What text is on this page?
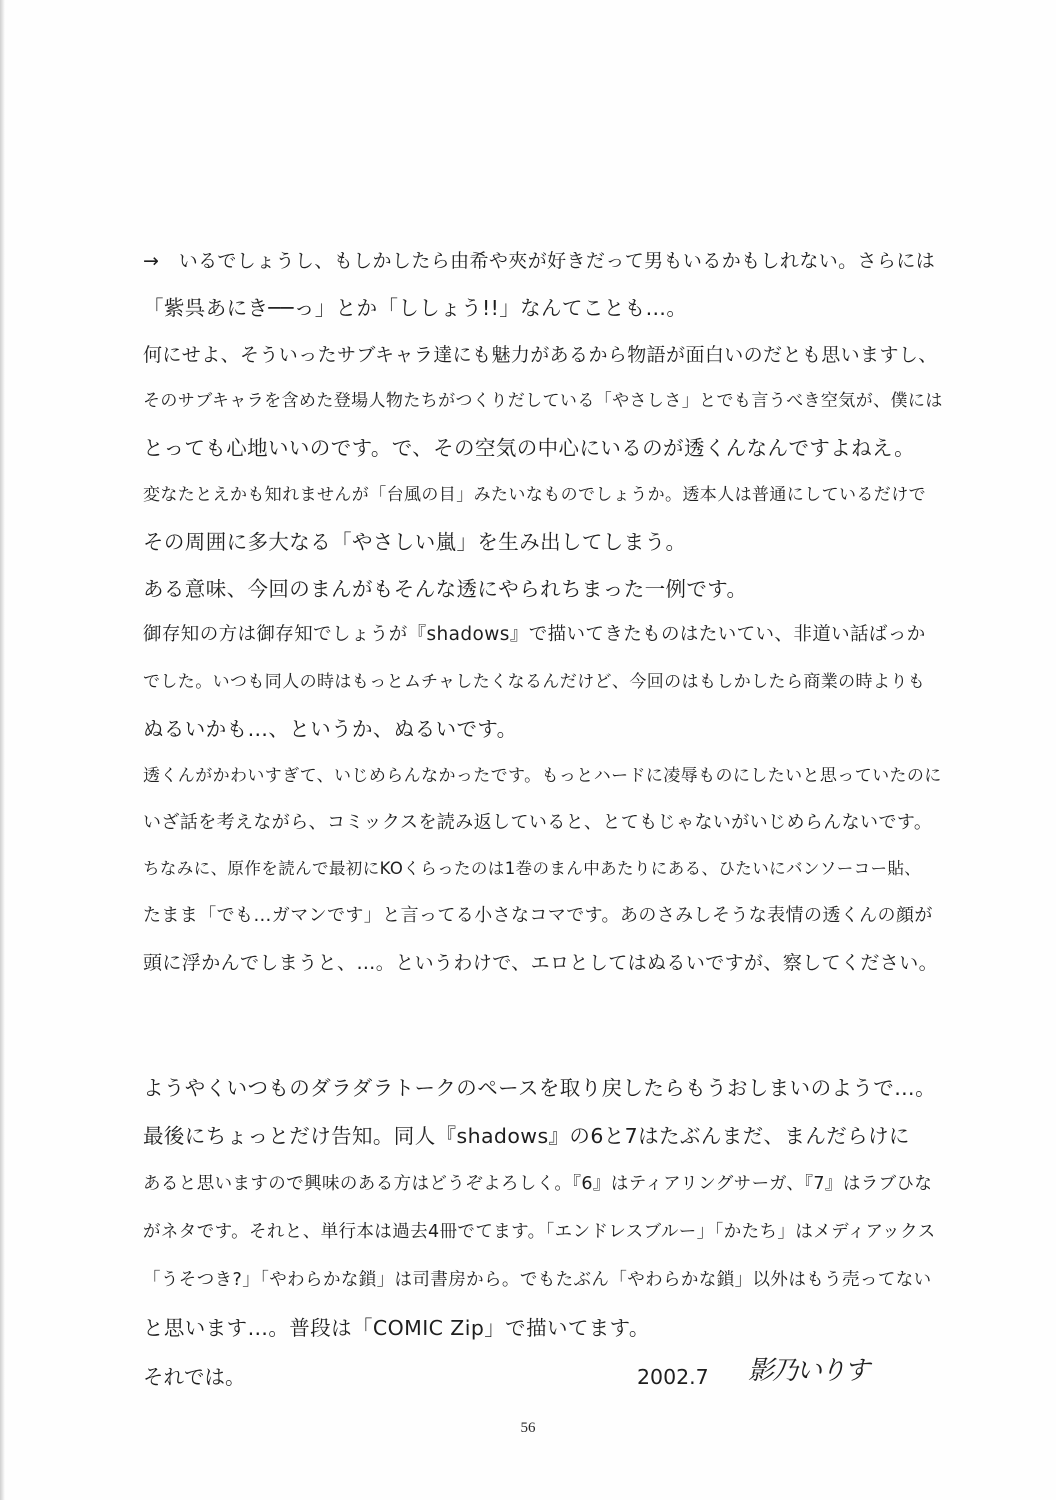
→　いるでしょうし、もしかしたら由希や夾が好きだって男もいるかもしれない。さらには
「紫呉あにき──っ」とか「ししょう!!」なんてことも…。
何にせよ、そういったサブキャラ達にも魅力があるから物語が面白いのだとも思いますし、
そのサブキャラを含めた登場人物たちがつくりだしている「やさしさ」とでも言うべき空気が、僕には
とっても心地いいのです。で、その空気の中心にいるのが透くんなんですよねえ。
変なたとえかも知れませんが「台風の目」みたいなものでしょうか。透本人は普通にしているだけで
その周囲に多大なる「やさしい嵐」を生み出してしまう。
ある意味、今回のまんがもそんな透にやられちまった一例です。
御存知の方は御存知でしょうが『shadows』で描いてきたものはたいてい、非道い話ばっか
でした。いつも同人の時はもっとムチャしたくなるんだけど、今回のはもしかしたら商業の時よりも
ぬるいかも…、というか、ぬるいです。
透くんがかわいすぎて、いじめらんなかったです。もっとハードに凌辱ものにしたいと思っていたのに
いざ話を考えながら、コミックスを読み返していると、とてもじゃないがいじめらんないです。
ちなみに、原作を読んで最初にKOくらったのは1巻のまん中あたりにある、ひたいにバンソーコー貼、
たまま「でも…ガマンです」と言ってる小さなコマです。あのさみしそうな表情の透くんの顔が
頭に浮かんでしまうと、…。というわけで、エロとしてはぬるいですが、察してください。
ようやくいつものダラダラトークのペースを取り戻したらもうおしまいのようで…。
最後にちょっとだけ告知。同人『shadows』の6と7はたぶんまだ、まんだらけに
あると思いますので興味のある方はどうぞよろしく。『6』はティアリングサーガ、『7』はラブひな
がネタです。それと、単行本は過去4冊でてます。「エンドレスブルー」「かたち」はメディアックス
「うそつき?」「やわらかな鎖」は司書房から。でもたぶん「やわらかな鎖」以外はもう売ってない
と思います…。普段は「COMIC Zip」で描いてます。
それでは。	2002.7 影乃いりす
56
